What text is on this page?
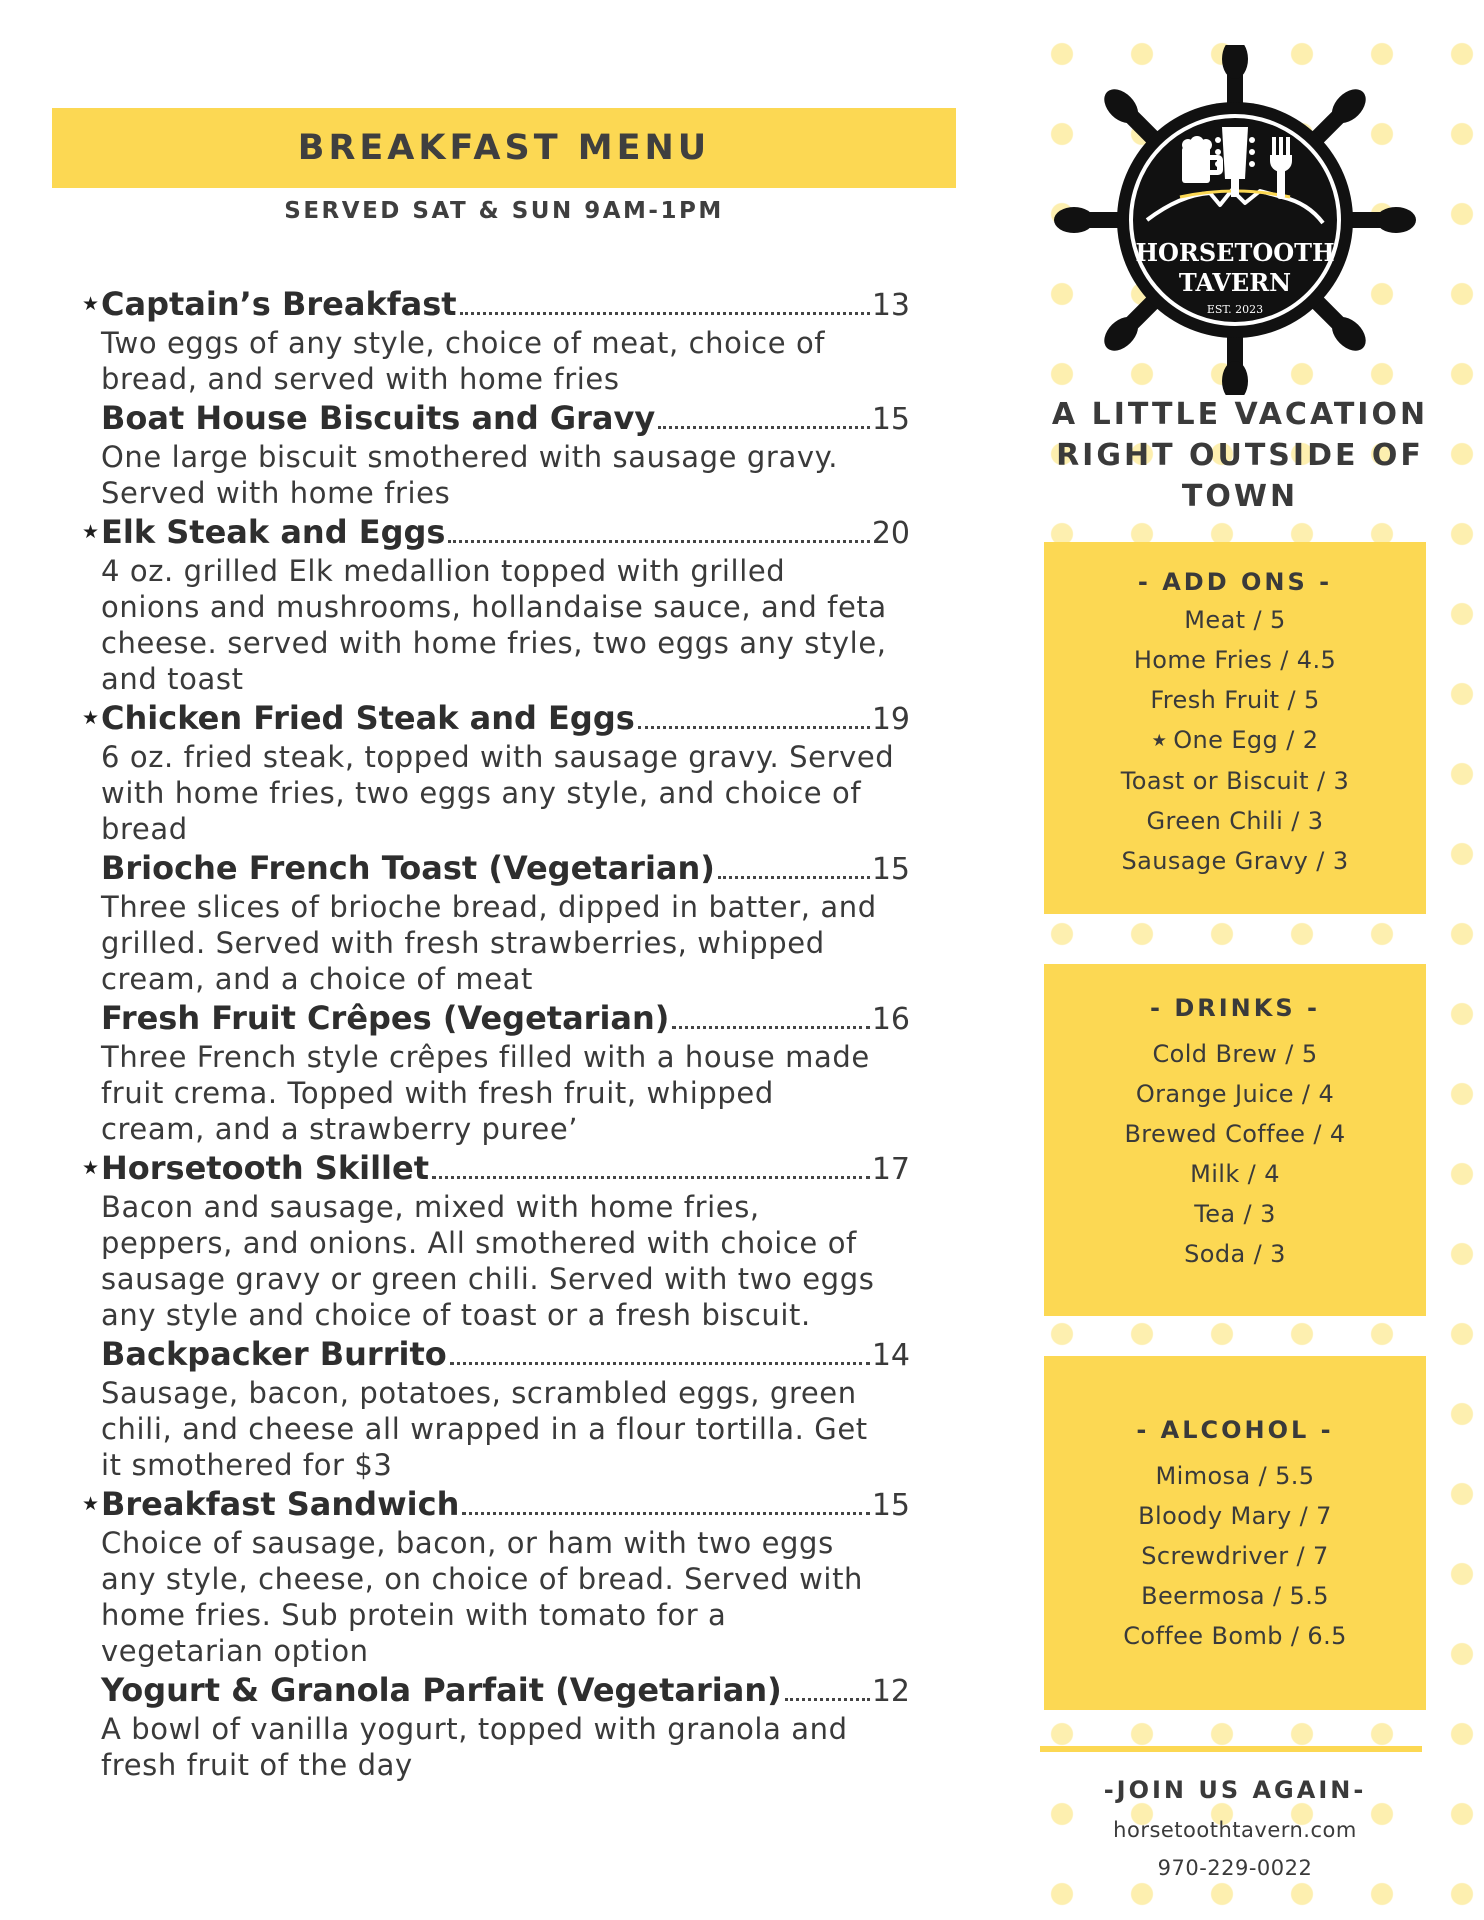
BREAKFAST MENU
SERVED SAT & SUN 9AM-1PM
★ Captain’s Breakfast	13
Two eggs of any style, choice of meat, choice of
bread, and served with home fries
Boat House Biscuits and Gravy	15
One large biscuit smothered with sausage gravy.
Served with home fries
★ Elk Steak and Eggs	20
4 oz. grilled Elk medallion topped with grilled
onions and mushrooms, hollandaise sauce, and feta
cheese. served with home fries, two eggs any style,
and toast
★ Chicken Fried Steak and Eggs	19
6 oz. fried steak, topped with sausage gravy. Served
with home fries, two eggs any style, and choice of
bread
Brioche French Toast (Vegetarian)	15
Three slices of brioche bread, dipped in batter, and
grilled. Served with fresh strawberries, whipped
cream, and a choice of meat
Fresh Fruit Crêpes (Vegetarian)	16
Three French style crêpes filled with a house made
fruit crema. Topped with fresh fruit, whipped
cream, and a strawberry puree’
★ Horsetooth Skillet	17
Bacon and sausage, mixed with home fries,
peppers, and onions. All smothered with choice of
sausage gravy or green chili. Served with two eggs
any style and choice of toast or a fresh biscuit.
Backpacker Burrito	14
Sausage, bacon, potatoes, scrambled eggs, green
chili, and cheese all wrapped in a flour tortilla. Get
it smothered for $3
★ Breakfast Sandwich	15
Choice of sausage, bacon, or ham with two eggs
any style, cheese, on choice of bread. Served with
home fries. Sub protein with tomato for a
vegetarian option
Yogurt & Granola Parfait (Vegetarian)	12
A bowl of vanilla yogurt, topped with granola and
fresh fruit of the day
HORSETOOTH
TAVERN
EST. 2023
A LITTLE VACATION
RIGHT OUTSIDE OF
TOWN
- ADD ONS -
Meat / 5
Home Fries / 4.5
Fresh Fruit / 5
★ One Egg / 2
Toast or Biscuit / 3
Green Chili / 3
Sausage Gravy / 3
- DRINKS -
Cold Brew / 5
Orange Juice / 4
Brewed Coffee / 4
Milk / 4
Tea / 3
Soda / 3
- ALCOHOL -
Mimosa / 5.5
Bloody Mary / 7
Screwdriver / 7
Beermosa / 5.5
Coffee Bomb / 6.5
-JOIN US AGAIN-
horsetoothtavern.com
970-229-0022
